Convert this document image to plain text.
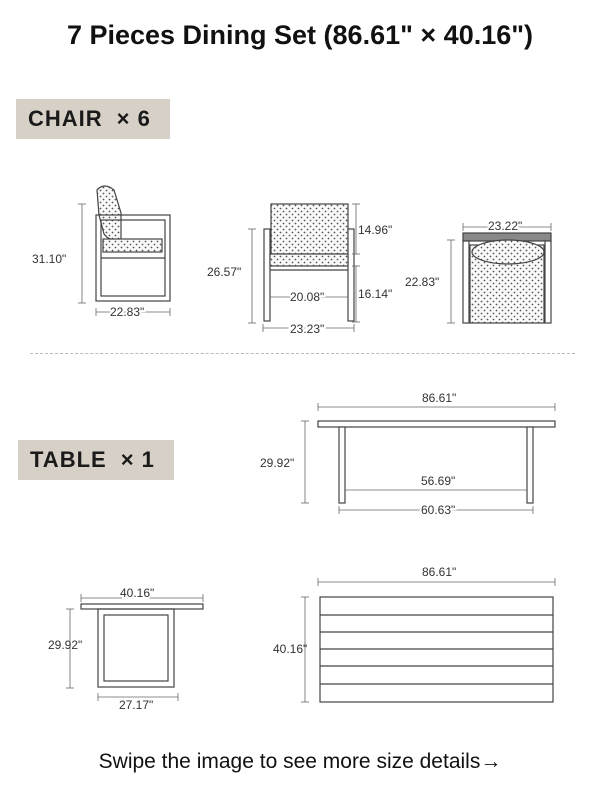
7 Pieces Dining Set (86.61" × 40.16")
CHAIR × 6
TABLE × 1
31.10"
22.83"
26.57"
14.96"
16.14"
20.08"
23.23"
23.22"
22.83"
86.61"
29.92"
56.69"
60.63"
40.16"
29.92"
27.17"
86.61"
40.16"
Swipe the image to see more size details→
